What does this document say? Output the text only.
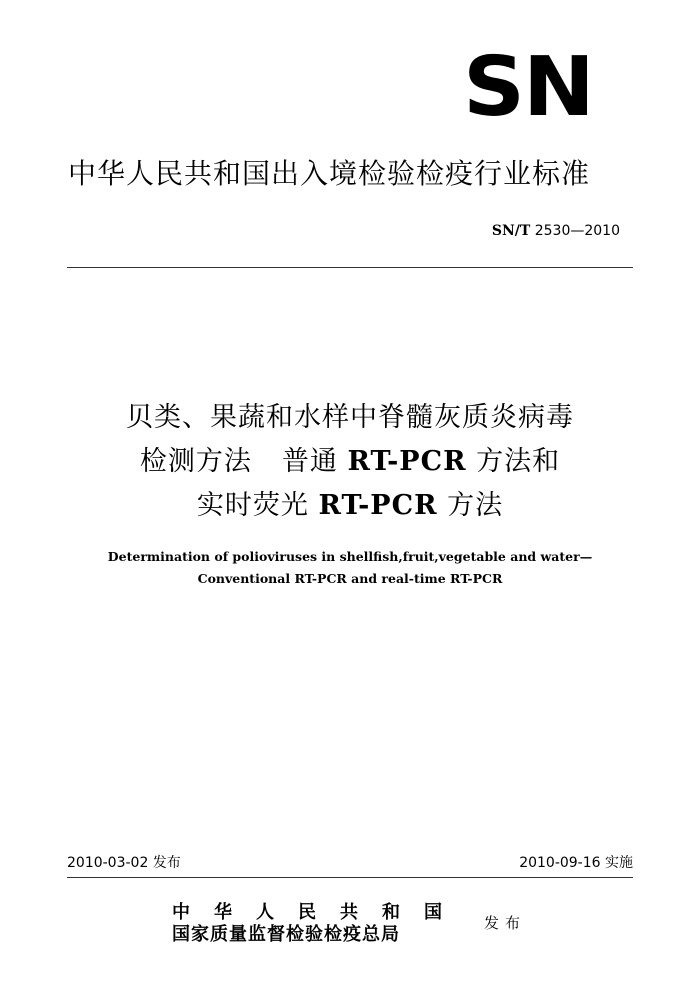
SN
中华人民共和国出入境检验检疫行业标准
SN/T 2530—2010
贝类、果蔬和水样中脊髓灰质炎病毒
检测方法 普通 RT-PCR 方法和
实时荧光 RT-PCR 方法
Determination of polioviruses in shellfish,fruit,vegetable and water—
Conventional RT-PCR and real-time RT-PCR
2010-03-02 发布	2010-09-16 实施
中华人民共和国
国家质量监督检验检疫总局
发布
